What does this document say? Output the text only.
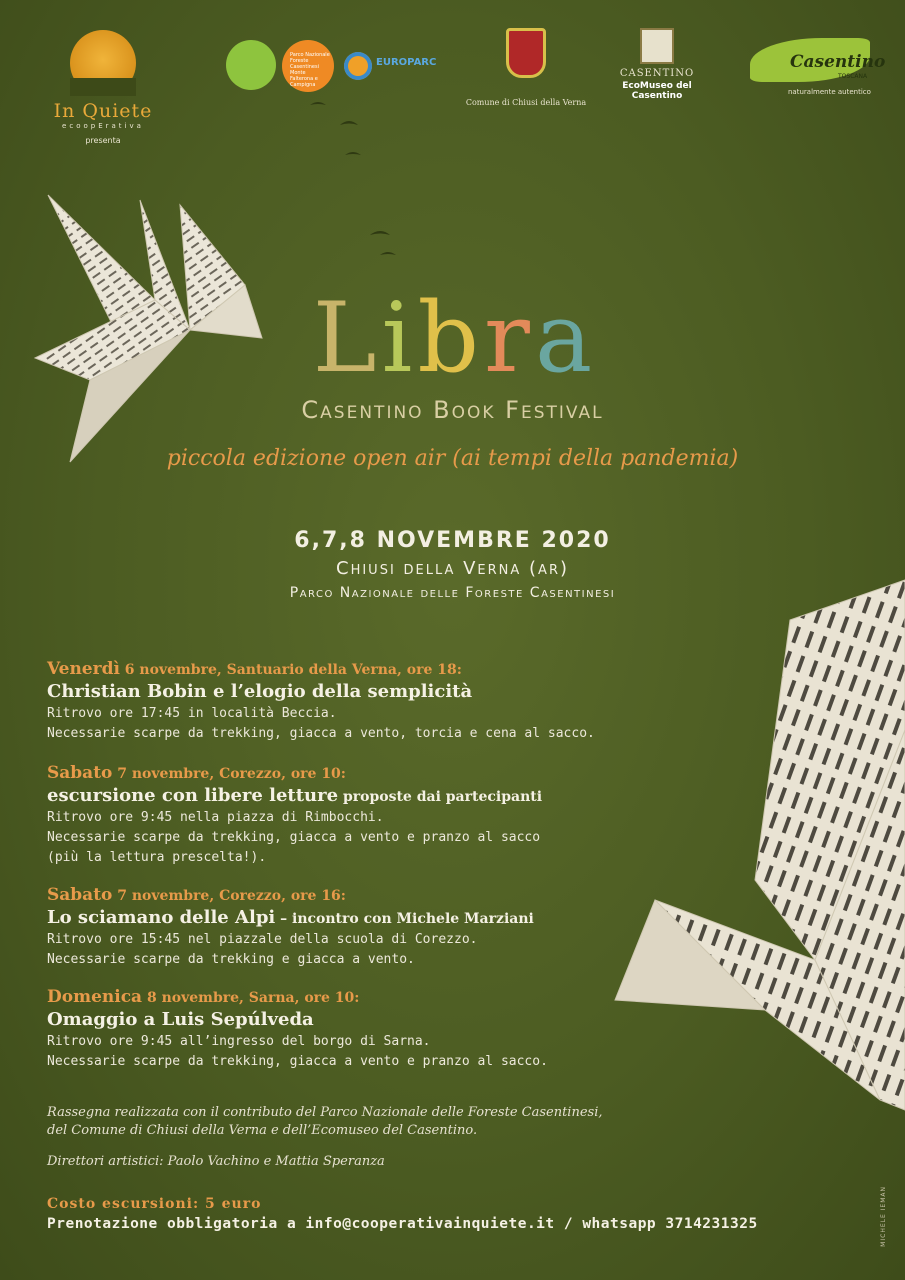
In Quiete
ecoopErativa
presenta
Parco Nazionale Foreste Casentinesi Monte Falterona e Campigna
EUROPARC
Comune di Chiusi della Verna
CASENTINO
EcoMuseo del Casentino
Casentino
TOSCANA
naturalmente autentico
L i b r a
Casentino Book Festival
piccola edizione open air (ai tempi della pandemia)
6,7,8 NOVEMBRE 2020
Chiusi della Verna (ar)
Parco Nazionale delle Foreste Casentinesi
Venerdì 6 novembre, Santuario della Verna, ore 18:
Christian Bobin e l’elogio della semplicità
Ritrovo ore 17:45 in località Beccia.
Necessarie scarpe da trekking, giacca a vento, torcia e cena al sacco.
Sabato 7 novembre, Corezzo, ore 10:
escursione con libere letture proposte dai partecipanti
Ritrovo ore 9:45 nella piazza di Rimbocchi.
Necessarie scarpe da trekking, giacca a vento e pranzo al sacco
(più la lettura prescelta!).
Sabato 7 novembre, Corezzo, ore 16:
Lo sciamano delle Alpi – incontro con Michele Marziani
Ritrovo ore 15:45 nel piazzale della scuola di Corezzo.
Necessarie scarpe da trekking e giacca a vento.
Domenica 8 novembre, Sarna, ore 10:
Omaggio a Luis Sepúlveda
Ritrovo ore 9:45 all’ingresso del borgo di Sarna.
Necessarie scarpe da trekking, giacca a vento e pranzo al sacco.
Rassegna realizzata con il contributo del Parco Nazionale delle Foreste Casentinesi,
del Comune di Chiusi della Verna e dell’Ecomuseo del Casentino.
Direttori artistici: Paolo Vachino e Mattia Speranza
Costo escursioni: 5 euro
Prenotazione obbligatoria a info@cooperativainquiete.it / whatsapp 3714231325	MICHELE IEMAN
